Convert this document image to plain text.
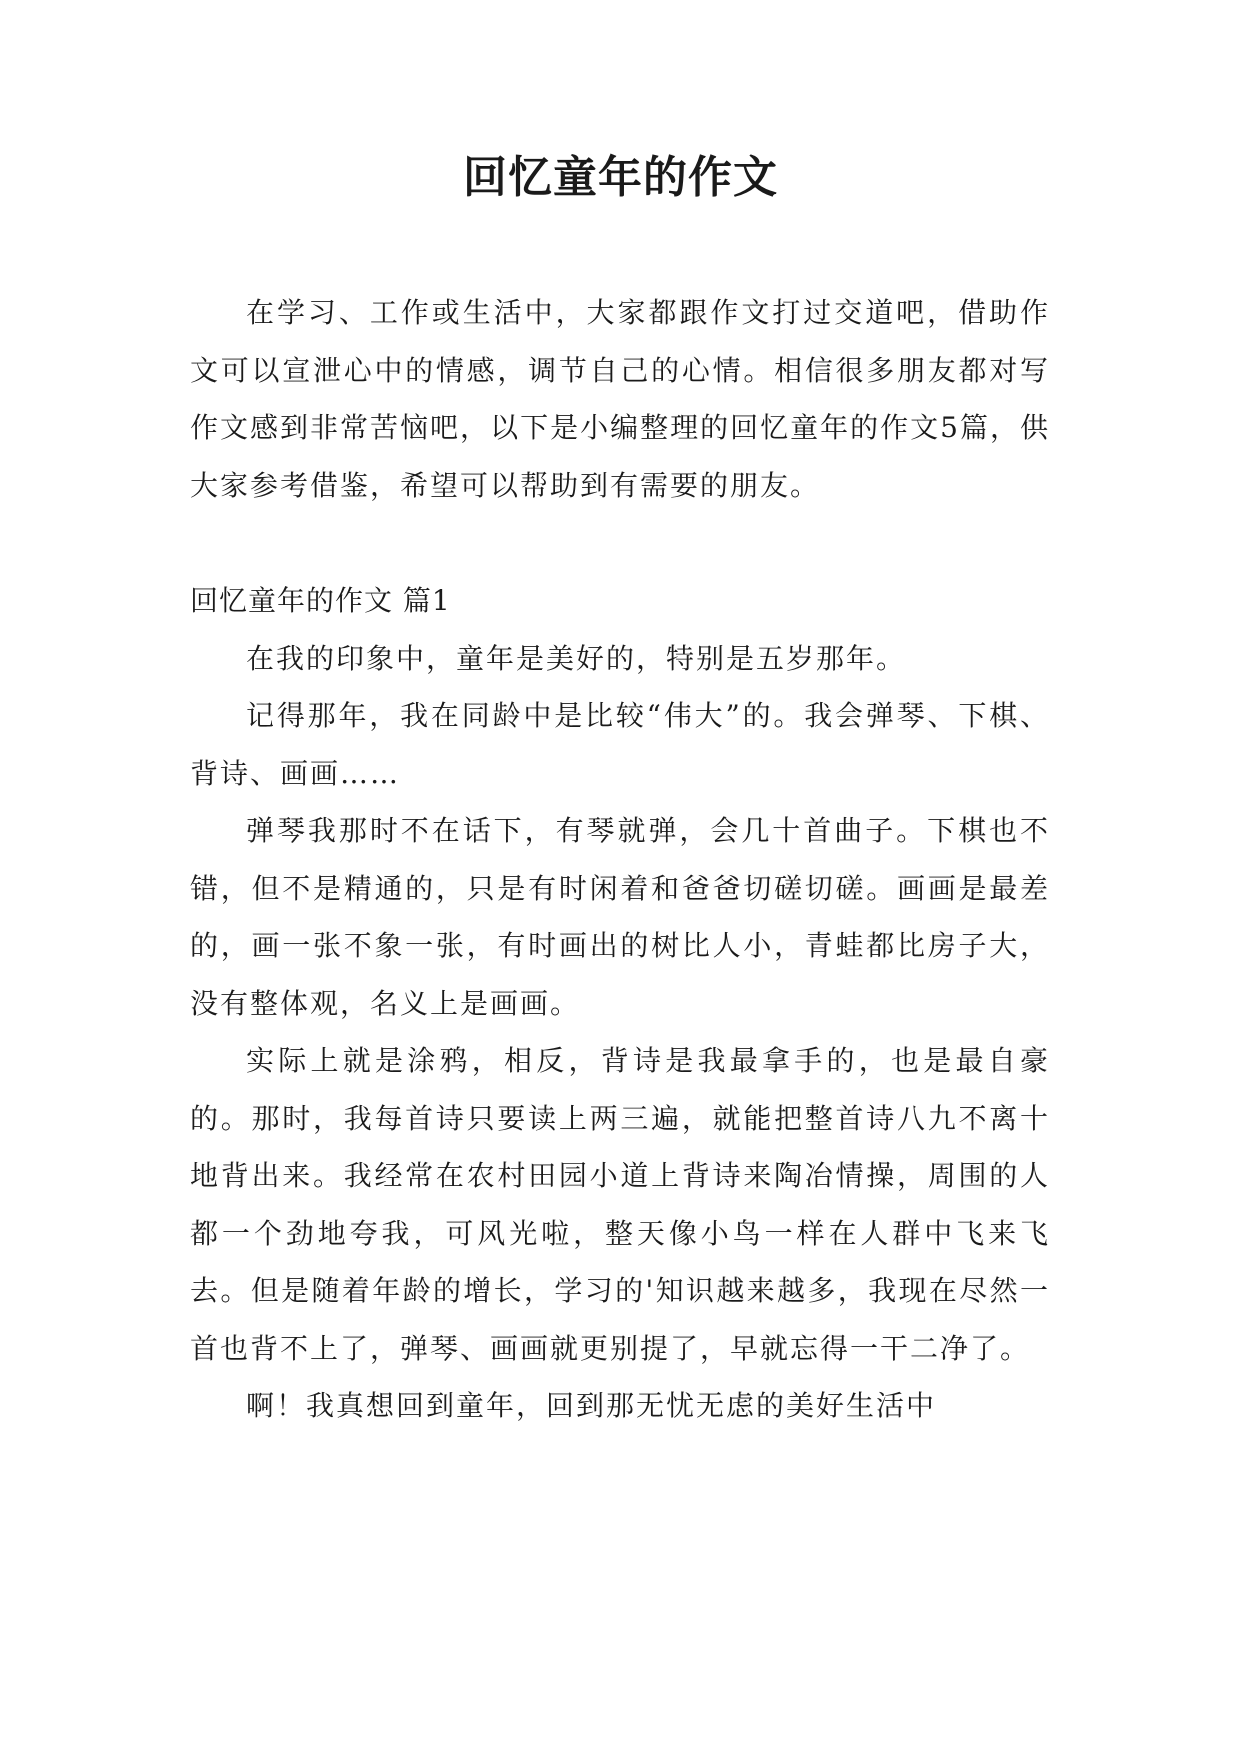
回忆童年的作文

在学习、工作或生活中，大家都跟作文打过交道吧，借助作文可以宣泄心中的情感，调节自己的心情。相信很多朋友都对写作文感到非常苦恼吧，以下是小编整理的回忆童年的作文5篇，供大家参考借鉴，希望可以帮助到有需要的朋友。

回忆童年的作文 篇1

在我的印象中，童年是美好的，特别是五岁那年。

记得那年，我在同龄中是比较“伟大”的。我会弹琴、下棋、背诗、画画……

弹琴我那时不在话下，有琴就弹，会几十首曲子。下棋也不错，但不是精通的，只是有时闲着和爸爸切磋切磋。画画是最差的，画一张不象一张，有时画出的树比人小，青蛙都比房子大，没有整体观，名义上是画画。

实际上就是涂鸦，相反，背诗是我最拿手的，也是最自豪的。那时，我每首诗只要读上两三遍，就能把整首诗八九不离十地背出来。我经常在农村田园小道上背诗来陶冶情操，周围的人都一个劲地夸我，可风光啦，整天像小鸟一样在人群中飞来飞去。但是随着年龄的增长，学习的'知识越来越多，我现在尽然一首也背不上了，弹琴、画画就更别提了，早就忘得一干二净了。

啊！我真想回到童年，回到那无忧无虑的美好生活中
